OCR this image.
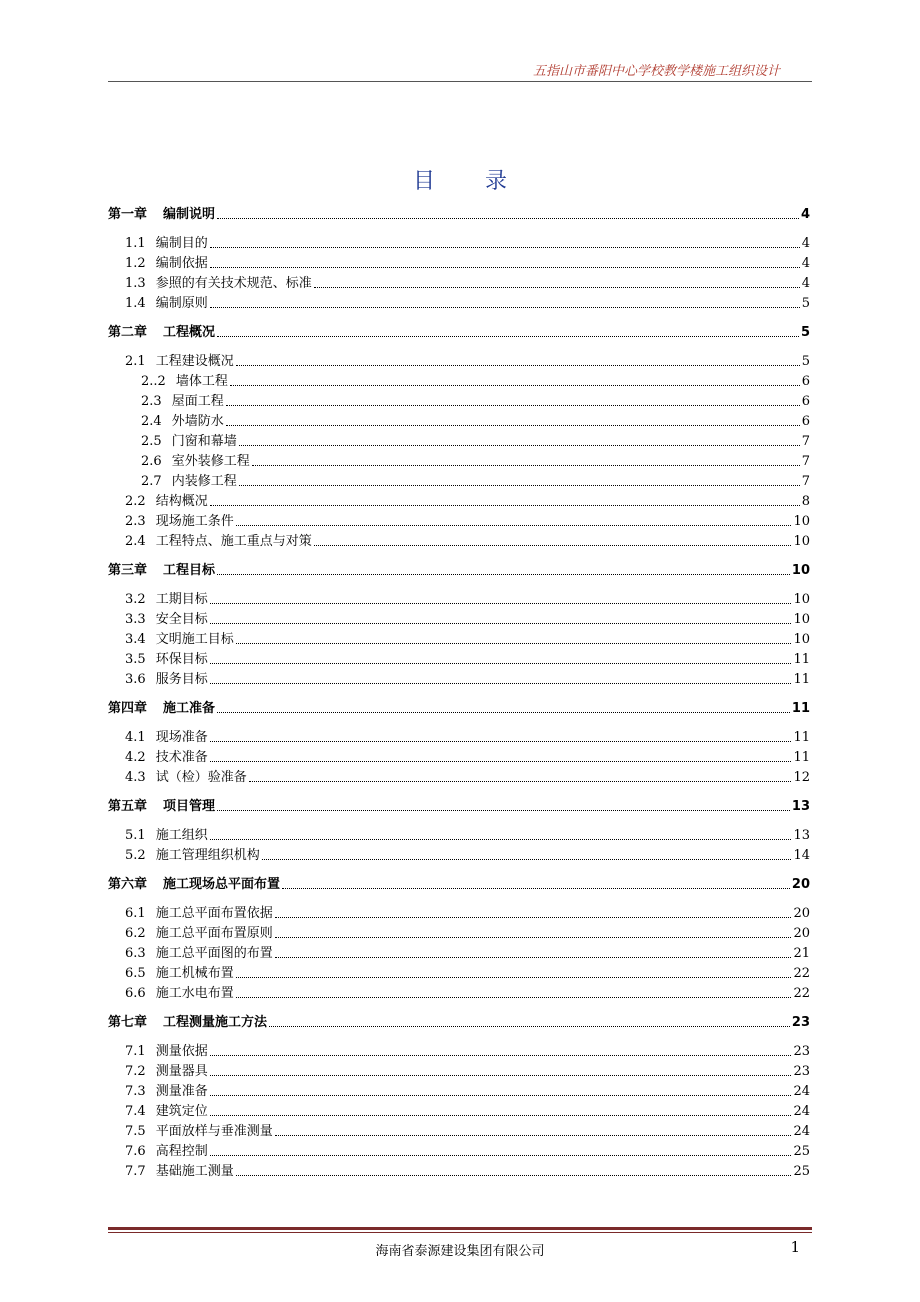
五指山市番阳中心学校教学楼施工组织设计
目录
第一章 编制说明	4
1.1 编制目的	4
1.2 编制依据	4
1.3 参照的有关技术规范、标准	4
1.4 编制原则	5
第二章 工程概况	5
2.1 工程建设概况	5
2..2 墙体工程	6
2.3 屋面工程	6
2.4 外墙防水	6
2.5 门窗和幕墙	7
2.6 室外装修工程	7
2.7 内装修工程	7
2.2 结构概况	8
2.3 现场施工条件	10
2.4 工程特点、施工重点与对策	10
第三章 工程目标	10
3.2 工期目标	10
3.3 安全目标	10
3.4 文明施工目标	10
3.5 环保目标	11
3.6 服务目标	11
第四章 施工准备	11
4.1 现场准备	11
4.2 技术准备	11
4.3 试（检）验准备	12
第五章 项目管理	13
5.1 施工组织	13
5.2 施工管理组织机构	14
第六章 施工现场总平面布置	20
6.1 施工总平面布置依据	20
6.2 施工总平面布置原则	20
6.3 施工总平面图的布置	21
6.5 施工机械布置	22
6.6 施工水电布置	22
第七章 工程测量施工方法	23
7.1 测量依据	23
7.2 测量器具	23
7.3 测量准备	24
7.4 建筑定位	24
7.5 平面放样与垂准测量	24
7.6 高程控制	25
7.7 基础施工测量	25
海南省泰源建设集团有限公司	1
